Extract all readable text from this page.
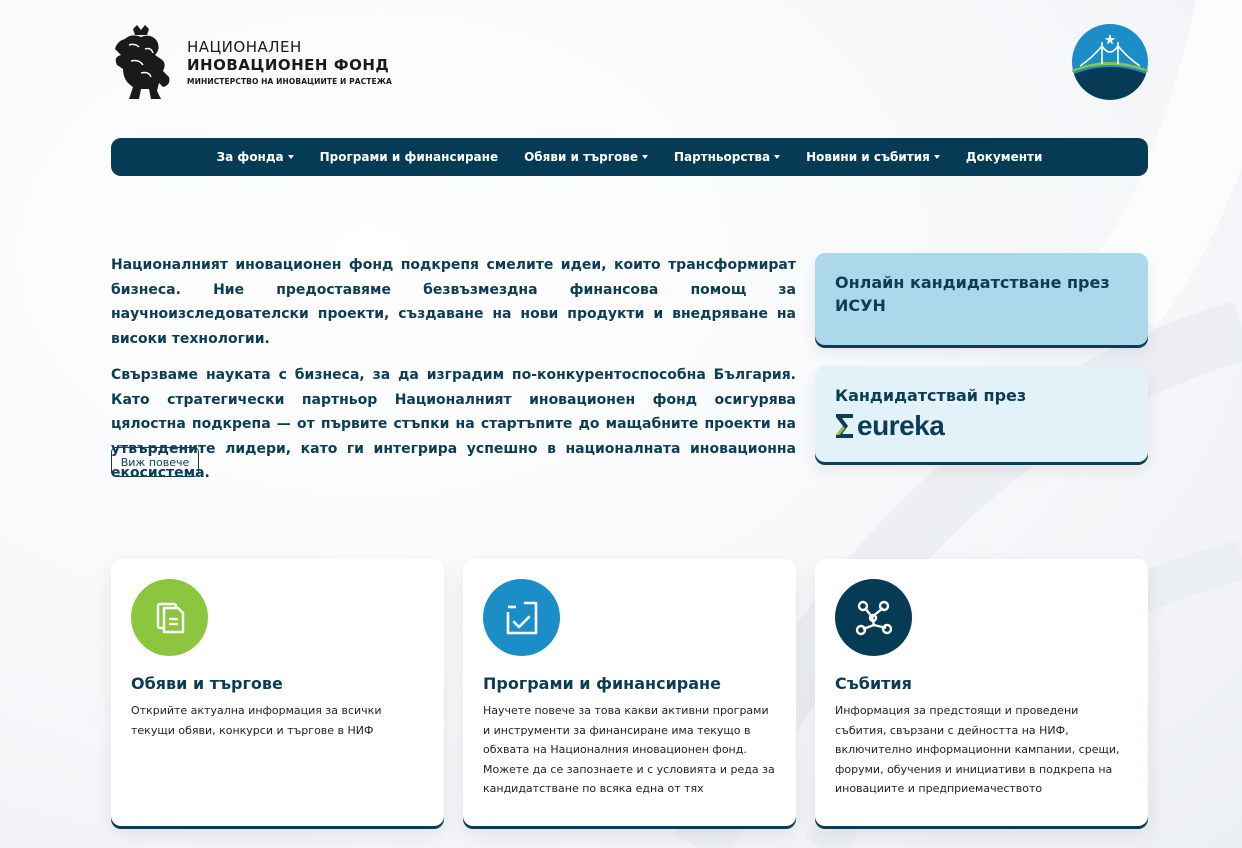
НАЦИОНАЛЕН
ИНОВАЦИОНЕН ФОНД
МИНИСТЕРСТВО НА ИНОВАЦИИТЕ И РАСТЕЖА
За фонда	Програми и финансиране Обяви и търгове	Партньорства	Новини и събития	Документи

Националният иновационен фонд подкрепя смелите идеи, които трансформират бизнеса. Ние предоставяме безвъзмездна финансова помощ за научноизследователски проекти, създаване на нови продукти и внедряване на високи технологии.

Свързваме науката с бизнеса, за да изградим по-конкурентоспособна България. Като стратегически партньор Националният иновационен фонд осигурява цялостна подкрепа — от първите стъпки на стартъпите до мащабните проекти на утвърдените лидери, като ги интегрира успешно в националната иновационна екосистема.

Виж повече
Онлайн кандидатстване през ИСУН
Кандидатствай през
eureka
Обяви и търгове
Открийте актуална информация за всички текущи обяви, конкурси и търгове в НИФ
Програми и финансиране
Научете повече за това какви активни програми и инструменти за финансиране има текущо в обхвата на Националния иновационен фонд. Можете да се запознаете и с условията и реда за кандидатстване по всяка една от тях
Събития
Информация за предстоящи и проведени събития, свързани с дейността на НИФ, включително информационни кампании, срещи, форуми, обучения и инициативи в подкрепа на иновациите и предприемачеството
